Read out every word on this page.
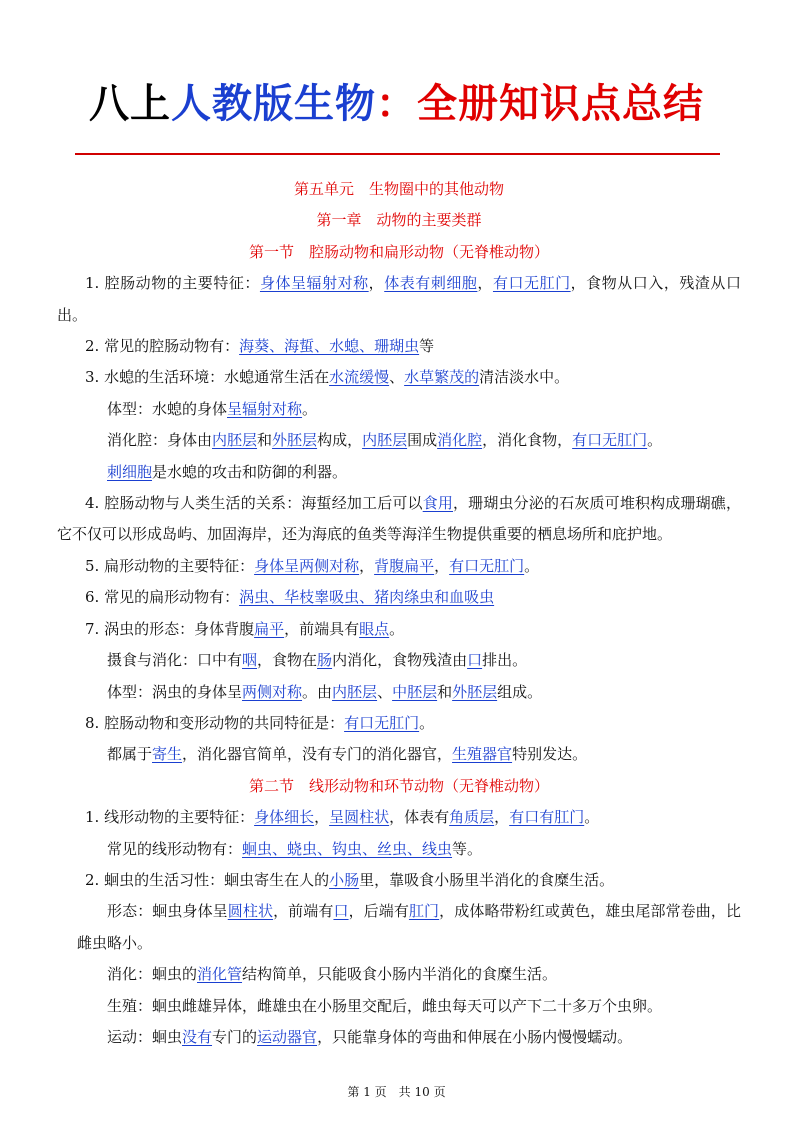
八上人教版生物：全册知识点总结
第五单元　生物圈中的其他动物
第一章　动物的主要类群
第一节　腔肠动物和扁形动物（无脊椎动物）

1. 腔肠动物的主要特征：身体呈辐射对称，体表有刺细胞，有口无肛门，食物从口入，残渣从口出。

2. 常见的腔肠动物有：海葵、海蜇、水螅、珊瑚虫等

3. 水螅的生活环境：水螅通常生活在水流缓慢、水草繁茂的清洁淡水中。

体型：水螅的身体呈辐射对称。

消化腔：身体由内胚层和外胚层构成，内胚层围成消化腔，消化食物，有口无肛门。

刺细胞是水螅的攻击和防御的利器。

4. 腔肠动物与人类生活的关系：海蜇经加工后可以食用，珊瑚虫分泌的石灰质可堆积构成珊瑚礁，它不仅可以形成岛屿、加固海岸，还为海底的鱼类等海洋生物提供重要的栖息场所和庇护地。

5. 扁形动物的主要特征：身体呈两侧对称，背腹扁平，有口无肛门。

6. 常见的扁形动物有：涡虫、华枝睾吸虫、猪肉绦虫和血吸虫

7. 涡虫的形态：身体背腹扁平，前端具有眼点。

摄食与消化：口中有咽，食物在肠内消化，食物残渣由口排出。

体型：涡虫的身体呈两侧对称。由内胚层、中胚层和外胚层组成。

8. 腔肠动物和变形动物的共同特征是：有口无肛门。

都属于寄生，消化器官简单，没有专门的消化器官，生殖器官特别发达。

第二节　线形动物和环节动物（无脊椎动物）

1. 线形动物的主要特征：身体细长，呈圆柱状，体表有角质层，有口有肛门。

常见的线形动物有：蛔虫、蛲虫、钩虫、丝虫、线虫等。

2. 蛔虫的生活习性：蛔虫寄生在人的小肠里，靠吸食小肠里半消化的食糜生活。

形态：蛔虫身体呈圆柱状，前端有口，后端有肛门，成体略带粉红或黄色，雄虫尾部常卷曲，比雌虫略小。

消化：蛔虫的消化管结构简单，只能吸食小肠内半消化的食糜生活。

生殖：蛔虫雌雄异体，雌雄虫在小肠里交配后，雌虫每天可以产下二十多万个虫卵。

运动：蛔虫没有专门的运动器官，只能靠身体的弯曲和伸展在小肠内慢慢蠕动。

第 1 页　共 10 页
